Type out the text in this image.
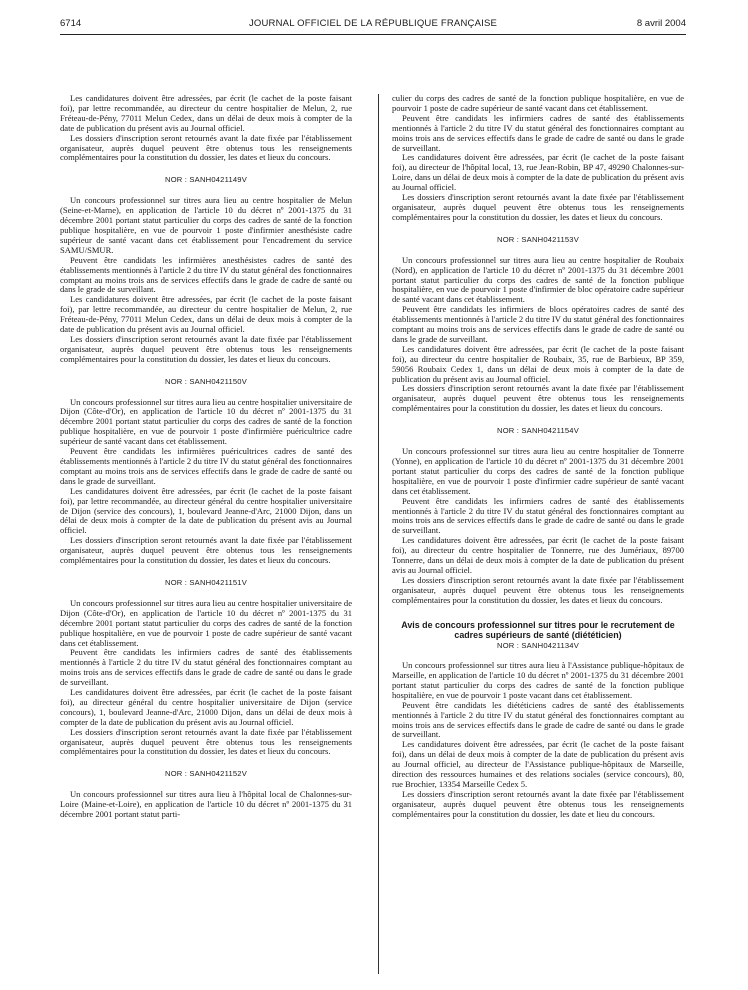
6714	JOURNAL OFFICIEL DE LA RÉPUBLIQUE FRANÇAISE	8 avril 2004

Les candidatures doivent être adressées, par écrit (le cachet de la poste faisant foi), par lettre recommandée, au directeur du centre hospitalier de Melun, 2, rue Fréteau-de-Pény, 77011 Melun Cedex, dans un délai de deux mois à compter de la date de publication du présent avis au Journal officiel.

Les dossiers d'inscription seront retournés avant la date fixée par l'établissement organisateur, auprès duquel peuvent être obtenus tous les renseignements complémentaires pour la constitution du dossier, les dates et lieux du concours.

NOR : SANH0421149V

Un concours professionnel sur titres aura lieu au centre hospitalier de Melun (Seine-et-Marne), en application de l'article 10 du décret nº 2001-1375 du 31 décembre 2001 portant statut particulier du corps des cadres de santé de la fonction publique hospitalière, en vue de pourvoir 1 poste d'infirmier anesthésiste cadre supérieur de santé vacant dans cet établissement pour l'encadrement du service SAMU/SMUR.

Peuvent être candidats les infirmières anesthésistes cadres de santé des établissements mentionnés à l'article 2 du titre IV du statut général des fonctionnaires comptant au moins trois ans de services effectifs dans le grade de cadre de santé ou dans le grade de surveillant.

Les candidatures doivent être adressées, par écrit (le cachet de la poste faisant foi), par lettre recommandée, au directeur du centre hospitalier de Melun, 2, rue Fréteau-de-Pény, 77011 Melun Cedex, dans un délai de deux mois à compter de la date de publication du présent avis au Journal officiel.

Les dossiers d'inscription seront retournés avant la date fixée par l'établissement organisateur, auprès duquel peuvent être obtenus tous les renseignements complémentaires pour la constitution du dossier, les dates et lieux du concours.

NOR : SANH0421150V

Un concours professionnel sur titres aura lieu au centre hospitalier universitaire de Dijon (Côte-d'Or), en application de l'article 10 du décret nº 2001-1375 du 31 décembre 2001 portant statut particulier du corps des cadres de santé de la fonction publique hospitalière, en vue de pourvoir 1 poste d'infirmière puéricultrice cadre supérieur de santé vacant dans cet établissement.

Peuvent être candidats les infirmières puéricultrices cadres de santé des établissements mentionnés à l'article 2 du titre IV du statut général des fonctionnaires comptant au moins trois ans de services effectifs dans le grade de cadre de santé ou dans le grade de surveillant.

Les candidatures doivent être adressées, par écrit (le cachet de la poste faisant foi), par lettre recommandée, au directeur général du centre hospitalier universitaire de Dijon (service des concours), 1, boulevard Jeanne-d'Arc, 21000 Dijon, dans un délai de deux mois à compter de la date de publication du présent avis au Journal officiel.

Les dossiers d'inscription seront retournés avant la date fixée par l'établissement organisateur, auprès duquel peuvent être obtenus tous les renseignements complémentaires pour la constitution du dossier, les dates et lieux du concours.

NOR : SANH0421151V

Un concours professionnel sur titres aura lieu au centre hospitalier universitaire de Dijon (Côte-d'Or), en application de l'article 10 du décret nº 2001-1375 du 31 décembre 2001 portant statut particulier du corps des cadres de santé de la fonction publique hospitalière, en vue de pourvoir 1 poste de cadre supérieur de santé vacant dans cet établissement.

Peuvent être candidats les infirmiers cadres de santé des établissements mentionnés à l'article 2 du titre IV du statut général des fonctionnaires comptant au moins trois ans de services effectifs dans le grade de cadre de santé ou dans le grade de surveillant.

Les candidatures doivent être adressées, par écrit (le cachet de la poste faisant foi), au directeur général du centre hospitalier universitaire de Dijon (service concours), 1, boulevard Jeanne-d'Arc, 21000 Dijon, dans un délai de deux mois à compter de la date de publication du présent avis au Journal officiel.

Les dossiers d'inscription seront retournés avant la date fixée par l'établissement organisateur, auprès duquel peuvent être obtenus tous les renseignements complémentaires pour la constitution du dossier, les dates et lieux du concours.

NOR : SANH0421152V

Un concours professionnel sur titres aura lieu à l'hôpital local de Chalonnes-sur-Loire (Maine-et-Loire), en application de l'article 10 du décret nº 2001-1375 du 31 décembre 2001 portant statut parti-

culier du corps des cadres de santé de la fonction publique hospitalière, en vue de pourvoir 1 poste de cadre supérieur de santé vacant dans cet établissement.

Peuvent être candidats les infirmiers cadres de santé des établissements mentionnés à l'article 2 du titre IV du statut général des fonctionnaires comptant au moins trois ans de services effectifs dans le grade de cadre de santé ou dans le grade de surveillant.

Les candidatures doivent être adressées, par écrit (le cachet de la poste faisant foi), au directeur de l'hôpital local, 13, rue Jean-Robin, BP 47, 49290 Chalonnes-sur-Loire, dans un délai de deux mois à compter de la date de publication du présent avis au Journal officiel.

Les dossiers d'inscription seront retournés avant la date fixée par l'établissement organisateur, auprès duquel peuvent être obtenus tous les renseignements complémentaires pour la constitution du dossier, les dates et lieux du concours.

NOR : SANH0421153V

Un concours professionnel sur titres aura lieu au centre hospitalier de Roubaix (Nord), en application de l'article 10 du décret nº 2001-1375 du 31 décembre 2001 portant statut particulier du corps des cadres de santé de la fonction publique hospitalière, en vue de pourvoir 1 poste d'infirmier de bloc opératoire cadre supérieur de santé vacant dans cet établissement.

Peuvent être candidats les infirmiers de blocs opératoires cadres de santé des établissements mentionnés à l'article 2 du titre IV du statut général des fonctionnaires comptant au moins trois ans de services effectifs dans le grade de cadre de santé ou dans le grade de surveillant.

Les candidatures doivent être adressées, par écrit (le cachet de la poste faisant foi), au directeur du centre hospitalier de Roubaix, 35, rue de Barbieux, BP 359, 59056 Roubaix Cedex 1, dans un délai de deux mois à compter de la date de publication du présent avis au Journal officiel.

Les dossiers d'inscription seront retournés avant la date fixée par l'établissement organisateur, auprès duquel peuvent être obtenus tous les renseignements complémentaires pour la constitution du dossier, les dates et lieux du concours.

NOR : SANH0421154V

Un concours professionnel sur titres aura lieu au centre hospitalier de Tonnerre (Yonne), en application de l'article 10 du décret nº 2001-1375 du 31 décembre 2001 portant statut particulier du corps des cadres de santé de la fonction publique hospitalière, en vue de pourvoir 1 poste d'infirmier cadre supérieur de santé vacant dans cet établissement.

Peuvent être candidats les infirmiers cadres de santé des établissements mentionnés à l'article 2 du titre IV du statut général des fonctionnaires comptant au moins trois ans de services effectifs dans le grade de cadre de santé ou dans le grade de surveillant.

Les candidatures doivent être adressées, par écrit (le cachet de la poste faisant foi), au directeur du centre hospitalier de Tonnerre, rue des Jumériaux, 89700 Tonnerre, dans un délai de deux mois à compter de la date de publication du présent avis au Journal officiel.

Les dossiers d'inscription seront retournés avant la date fixée par l'établissement organisateur, auprès duquel peuvent être obtenus tous les renseignements complémentaires pour la constitution du dossier, les dates et lieux du concours.

Avis de concours professionnel sur titres pour le recrutement de cadres supérieurs de santé (diététicien)
NOR : SANH0421134V

Un concours professionnel sur titres aura lieu à l'Assistance publique-hôpitaux de Marseille, en application de l'article 10 du décret nº 2001-1375 du 31 décembre 2001 portant statut particulier du corps des cadres de santé de la fonction publique hospitalière, en vue de pourvoir 1 poste vacant dans cet établissement.

Peuvent être candidats les diététiciens cadres de santé des établissements mentionnés à l'article 2 du titre IV du statut général des fonctionnaires comptant au moins trois ans de services effectifs dans le grade de cadre de santé ou dans le grade de surveillant.

Les candidatures doivent être adressées, par écrit (le cachet de la poste faisant foi), dans un délai de deux mois à compter de la date de publication du présent avis au Journal officiel, au directeur de l'Assistance publique-hôpitaux de Marseille, direction des ressources humaines et des relations sociales (service concours), 80, rue Brochier, 13354 Marseille Cedex 5.

Les dossiers d'inscription seront retournés avant la date fixée par l'établissement organisateur, auprès duquel peuvent être obtenus tous les renseignements complémentaires pour la constitution du dossier, les date et lieu du concours.
